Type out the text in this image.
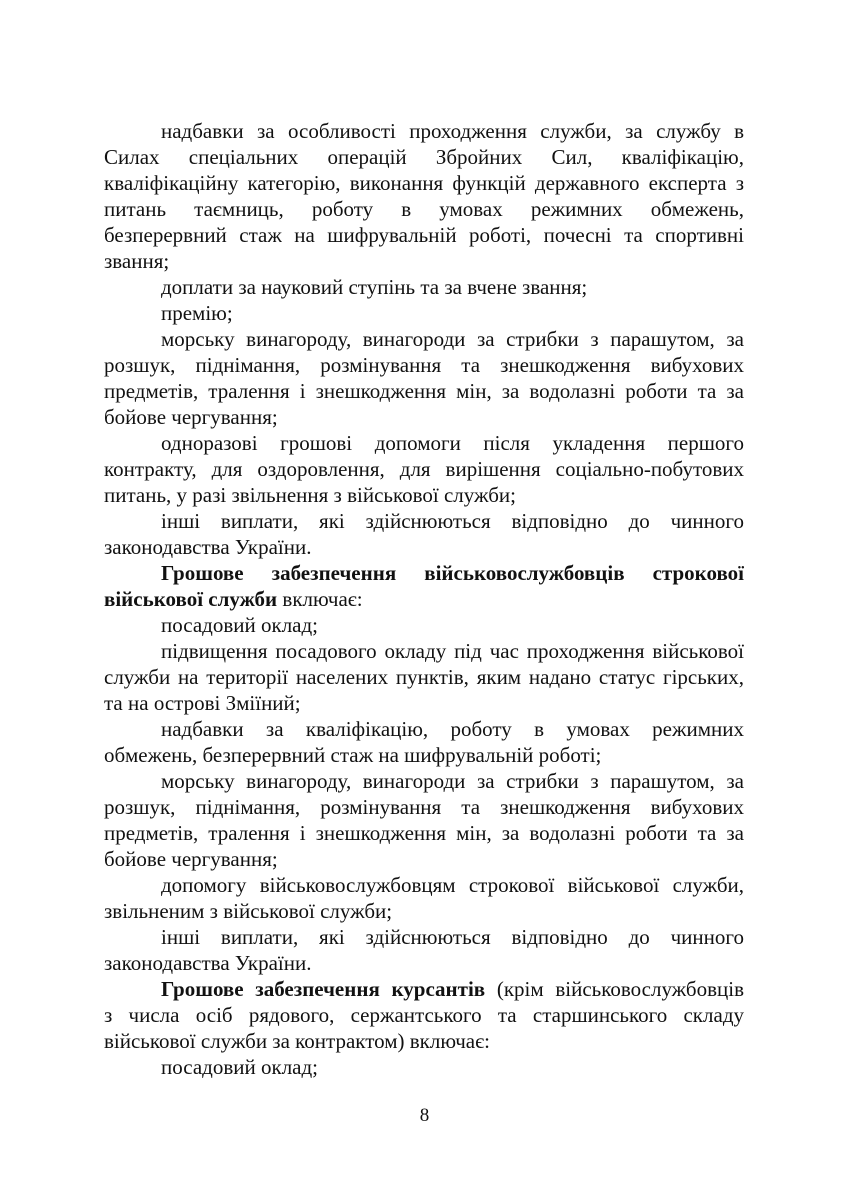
надбавки за особливості проходження служби, за службу в
Силах спеціальних операцій Збройних Сил, кваліфікацію,
кваліфікаційну категорію, виконання функцій державного експерта з
питань таємниць, роботу в умовах режимних обмежень,
безперервний стаж на шифрувальній роботі, почесні та спортивні
звання;
доплати за науковий ступінь та за вчене звання;
премію;
морську винагороду, винагороди за стрибки з парашутом, за
розшук, піднімання, розмінування та знешкодження вибухових
предметів, тралення і знешкодження мін, за водолазні роботи та за
бойове чергування;
одноразові грошові допомоги після укладення першого
контракту, для оздоровлення, для вирішення соціально-побутових
питань, у разі звільнення з військової служби;
інші виплати, які здійснюються відповідно до чинного
законодавства України.
Грошове забезпечення військовослужбовців строкової
військової служби включає:
посадовий оклад;
підвищення посадового окладу під час проходження військової
служби на території населених пунктів, яким надано статус гірських,
та на острові Зміїний;
надбавки за кваліфікацію, роботу в умовах режимних
обмежень, безперервний стаж на шифрувальній роботі;
морську винагороду, винагороди за стрибки з парашутом, за
розшук, піднімання, розмінування та знешкодження вибухових
предметів, тралення і знешкодження мін, за водолазні роботи та за
бойове чергування;
допомогу військовослужбовцям строкової військової служби,
звільненим з військової служби;
інші виплати, які здійснюються відповідно до чинного
законодавства України.
Грошове забезпечення курсантів (крім військовослужбовців
з числа осіб рядового, сержантського та старшинського складу
військової служби за контрактом) включає:
посадовий оклад;
8
